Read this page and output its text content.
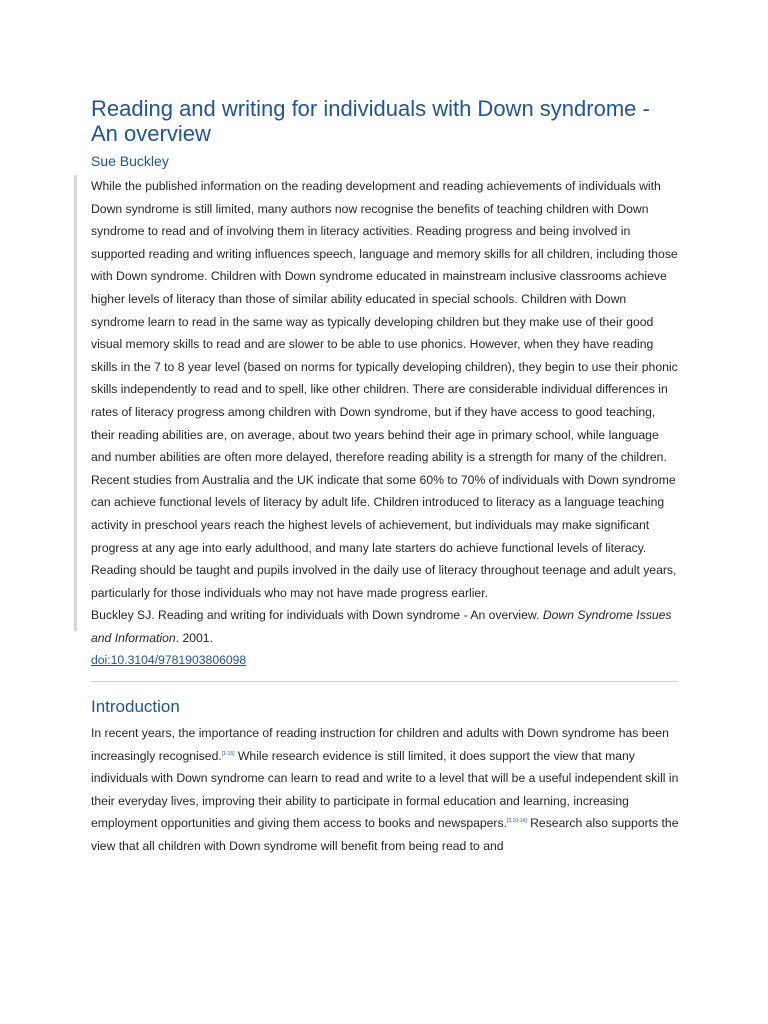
Reading and writing for individuals with Down syndrome - An overview
Sue Buckley

While the published information on the reading development and reading achievements of individuals with Down syndrome is still limited, many authors now recognise the benefits of teaching children with Down syndrome to read and of involving them in literacy activities. Reading progress and being involved in supported reading and writing influences speech, language and memory skills for all children, including those with Down syndrome. Children with Down syndrome educated in mainstream inclusive classrooms achieve higher levels of literacy than those of similar ability educated in special schools. Children with Down syndrome learn to read in the same way as typically developing children but they make use of their good visual memory skills to read and are slower to be able to use phonics. However, when they have reading skills in the 7 to 8 year level (based on norms for typically developing children), they begin to use their phonic skills independently to read and to spell, like other children. There are considerable individual differences in rates of literacy progress among children with Down syndrome, but if they have access to good teaching, their reading abilities are, on average, about two years behind their age in primary school, while language and number abilities are often more delayed, therefore reading ability is a strength for many of the children. Recent studies from Australia and the UK indicate that some 60% to 70% of individuals with Down syndrome can achieve functional levels of literacy by adult life. Children introduced to literacy as a language teaching activity in preschool years reach the highest levels of achievement, but individuals may make significant progress at any age into early adulthood, and many late starters do achieve functional levels of literacy. Reading should be taught and pupils involved in the daily use of literacy throughout teenage and adult years, particularly for those individuals who may not have made progress earlier.

Buckley SJ. Reading and writing for individuals with Down syndrome - An overview. Down Syndrome Issues and Information. 2001.

doi:10.3104/9781903806098
Introduction

In recent years, the importance of reading instruction for children and adults with Down syndrome has been increasingly recognised.[1-15] While research evidence is still limited, it does support the view that many individuals with Down syndrome can learn to read and write to a level that will be a useful independent skill in their everyday lives, improving their ability to participate in formal education and learning, increasing employment opportunities and giving them access to books and newspapers.[3,10-14] Research also supports the view that all children with Down syndrome will benefit from being read to and
